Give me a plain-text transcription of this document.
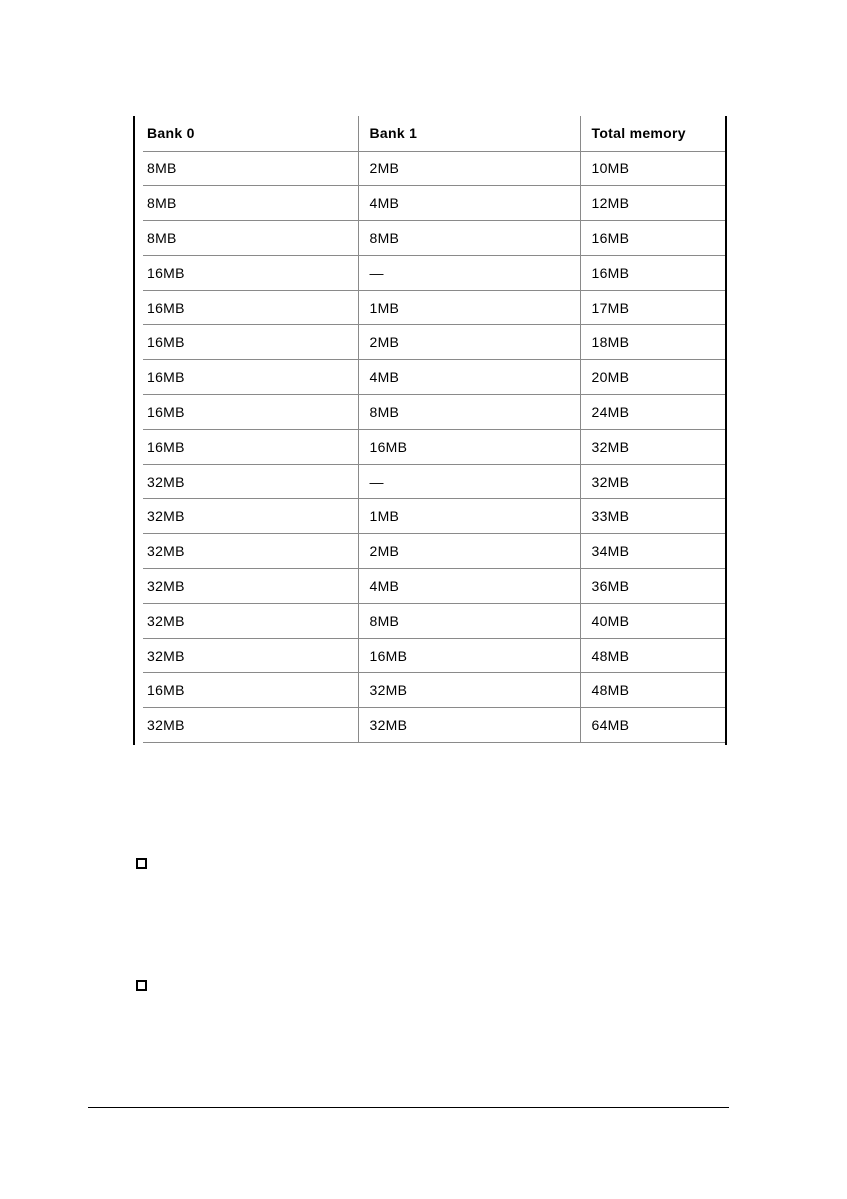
Bank 0	Bank 1	Total memory
8MB	2MB	10MB
8MB	4MB	12MB
8MB	8MB	16MB
16MB	—	16MB
16MB	1MB	17MB
16MB	2MB	18MB
16MB	4MB	20MB
16MB	8MB	24MB
16MB	16MB	32MB
32MB	—	32MB
32MB	1MB	33MB
32MB	2MB	34MB
32MB	4MB	36MB
32MB	8MB	40MB
32MB	16MB	48MB
16MB	32MB	48MB
32MB	32MB	64MB
